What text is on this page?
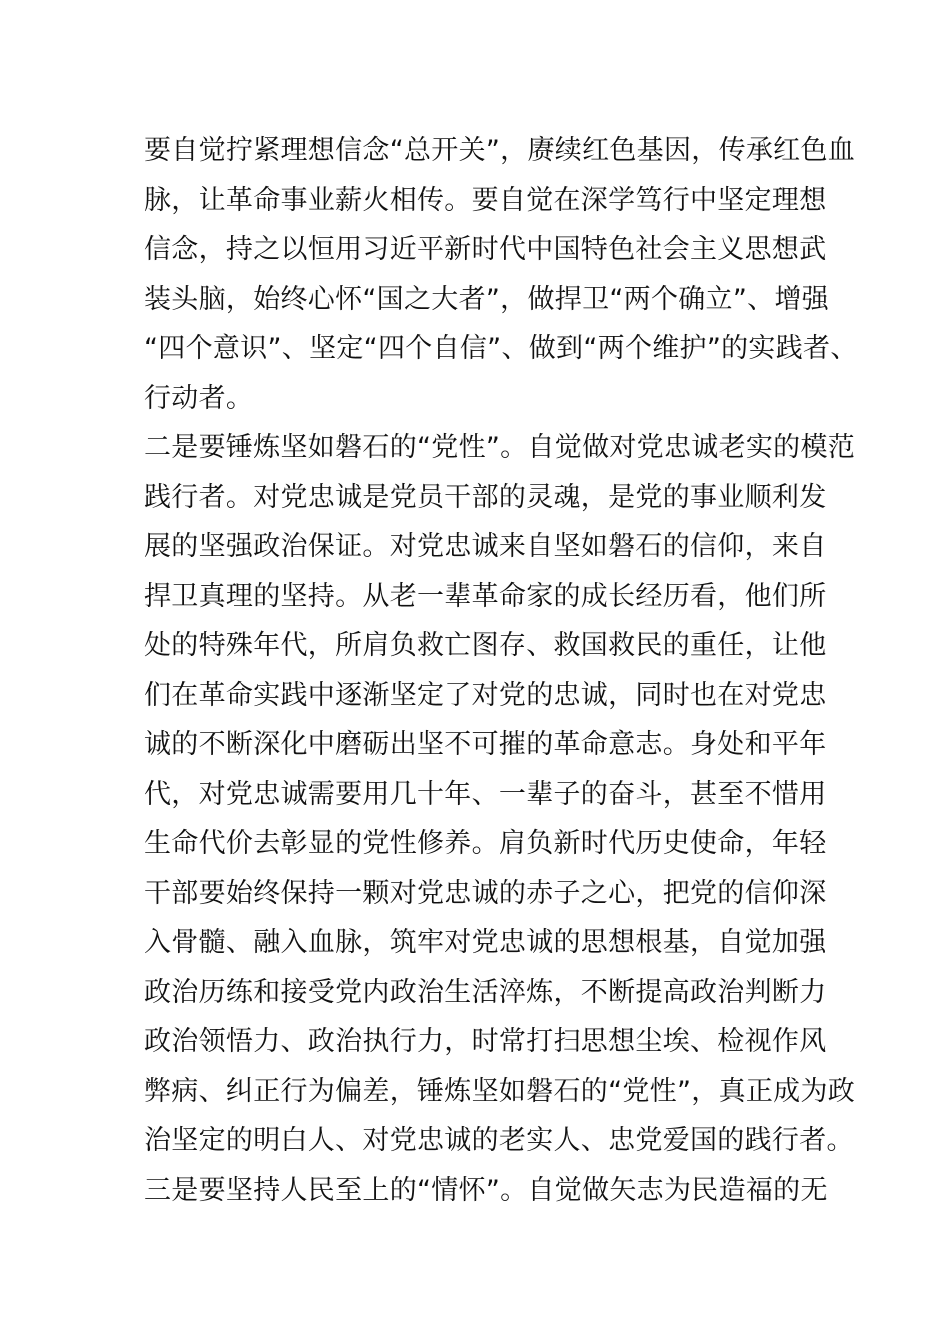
要自觉拧紧理想信念“总开关”，赓续红色基因，传承红色血
脉，让革命事业薪火相传。要自觉在深学笃行中坚定理想
信念，持之以恒用习近平新时代中国特色社会主义思想武
装头脑，始终心怀“国之大者”，做捍卫“两个确立”、增强
“四个意识”、坚定“四个自信”、做到“两个维护”的实践者、
行动者。
二是要锤炼坚如磐石的“党性”。自觉做对党忠诚老实的模范
践行者。对党忠诚是党员干部的灵魂，是党的事业顺利发
展的坚强政治保证。对党忠诚来自坚如磐石的信仰，来自
捍卫真理的坚持。从老一辈革命家的成长经历看，他们所
处的特殊年代，所肩负救亡图存、救国救民的重任，让他
们在革命实践中逐渐坚定了对党的忠诚，同时也在对党忠
诚的不断深化中磨砺出坚不可摧的革命意志。身处和平年
代，对党忠诚需要用几十年、一辈子的奋斗，甚至不惜用
生命代价去彰显的党性修养。肩负新时代历史使命，年轻
干部要始终保持一颗对党忠诚的赤子之心，把党的信仰深
入骨髓、融入血脉，筑牢对党忠诚的思想根基，自觉加强
政治历练和接受党内政治生活淬炼，不断提高政治判断力
政治领悟力、政治执行力，时常打扫思想尘埃、检视作风
弊病、纠正行为偏差，锤炼坚如磐石的“党性”，真正成为政
治坚定的明白人、对党忠诚的老实人、忠党爱国的践行者。
三是要坚持人民至上的“情怀”。自觉做矢志为民造福的无
